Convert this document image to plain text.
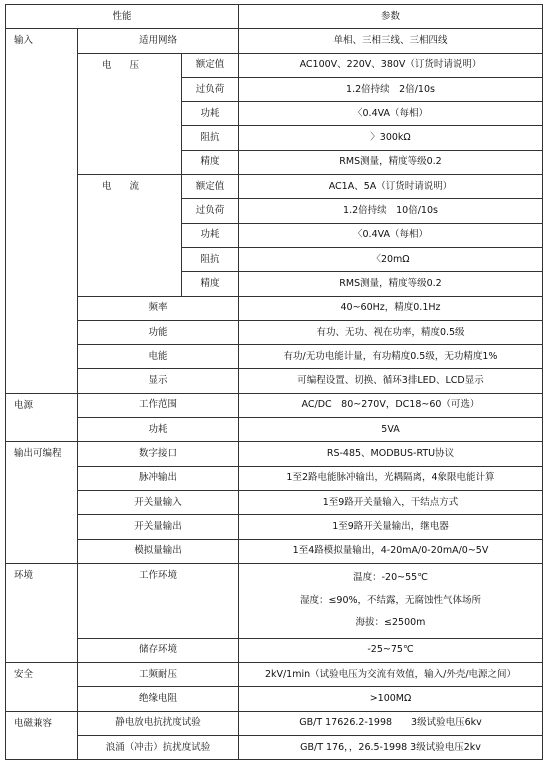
性能			参数
输入	适用网络		单相、三相三线、三相四线
	电压	额定值	AC100V、220V、380V（订货时请说明）
		过负荷	1.2倍持续　2倍/10s
		功耗	〈0.4VA（每相）
		阻抗	〉300kΩ
		精度	RMS测量，精度等级0.2
	电流	额定值	AC1A、5A（订货时请说明）
		过负荷	1.2倍持续　10倍/10s
		功耗	〈0.4VA（每相）
		阻抗	〈20mΩ
		精度	RMS测量，精度等级0.2
	频率		40~60Hz，精度0.1Hz
	功能		有功、无功、视在功率，精度0.5级
	电能		有功/无功电能计量，有功精度0.5级，无功精度1%
	显示		可编程设置、切换、循环3排LED、LCD显示
电源	工作范围		AC/DC　80~270V，DC18~60（可选）
	功耗		5VA
输出可编程	数字接口		RS-485、MODBUS-RTU协议
	脉冲输出		1至2路电能脉冲输出，光耦隔离，4象限电能计算
	开关量输入		1至9路开关量输入，干结点方式
	开关量输出		1至9路开关量输出，继电器
	模拟量输出		1至4路模拟量输出，4-20mA/0-20mA/0~5V
环境	工作环境		温度：-20~55℃
湿度：≤90%，不结露，无腐蚀性气体场所
海拔：≤2500m

	储存环境		-25~75℃
安全	工频耐压		2kV/1min（试验电压为交流有效值，输入/外壳/电源之间）
	绝缘电阻		>100MΩ
电磁兼容	静电放电抗扰度试验		GB/T 17626.2-1998　　3级试验电压6kv
	浪涌（冲击）抗扰度试验		GB/T 176，，26.5-1998 3级试验电压2kv
